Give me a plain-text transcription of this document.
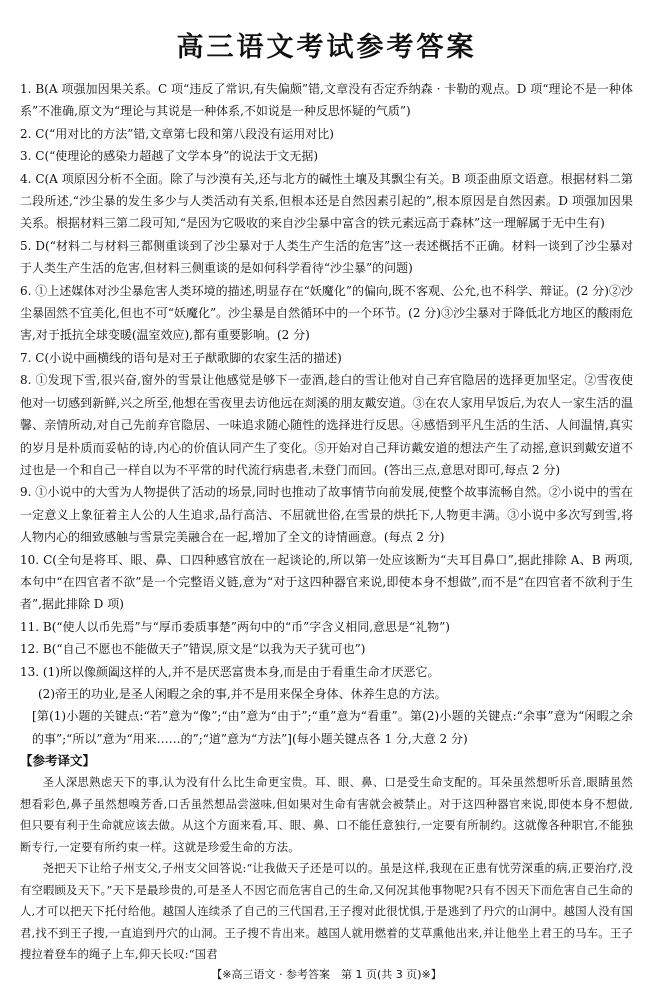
高三语文考试参考答案

1. B(A 项强加因果关系。C 项“违反了常识,有失偏颇”错,文章没有否定乔纳森 · 卡勒的观点。D 项“理论不是一种体系”不准确,原文为“理论与其说是一种体系,不如说是一种反思怀疑的气质”)

2. C(“用对比的方法”错,文章第七段和第八段没有运用对比)

3. C(“使理论的感染力超越了文学本身”的说法于文无据)

4. C(A 项原因分析不全面。除了与沙漠有关,还与北方的碱性土壤及其飘尘有关。B 项歪曲原文语意。根据材料二第二段所述,“沙尘暴的发生多少与人类活动有关系,但根本还是自然因素引起的”,根本原因是自然因素。D 项强加因果关系。根据材料三第二段可知,“是因为它吸收的来自沙尘暴中富含的铁元素远高于森林”这一理解属于无中生有)

5. D(“材料二与材料三都侧重谈到了沙尘暴对于人类生产生活的危害”这一表述概括不正确。材料一谈到了沙尘暴对于人类生产生活的危害,但材料三侧重谈的是如何科学看待“沙尘暴”的问题)

6. ①上述媒体对沙尘暴危害人类环境的描述,明显存在“妖魔化”的偏向,既不客观、公允,也不科学、辩证。(2 分)②沙尘暴固然不宜美化,但也不可“妖魔化”。沙尘暴是自然循环中的一个环节。(2 分)③沙尘暴对于降低北方地区的酸雨危害,对于抵抗全球变暖(温室效应),都有重要影响。(2 分)

7. C(小说中画横线的语句是对王子猷歌脚的农家生活的描述)

8. ①发现下雪,很兴奋,窗外的雪景让他感觉是够下一壶酒,趁白的雪让他对自己弃官隐居的选择更加坚定。②雪夜使他对一切感到新鲜,兴之所至,他想在雪夜里去访他远在剡溪的朋友戴安道。③在农人家用早饭后,为农人一家生活的温馨、亲情所动,对自己先前弃官隐居、一味追求随心随性的选择进行反思。④感悟到平凡生活的生活、人间温情,真实的岁月是朴质而妥帖的诗,内心的价值认同产生了变化。⑤开始对自己拜访戴安道的想法产生了动摇,意识到戴安道不过也是一个和自己一样自以为不平常的时代流行病患者,未登门而回。(答出三点,意思对即可,每点 2 分)

9. ①小说中的大雪为人物提供了活动的场景,同时也推动了故事情节向前发展,使整个故事流畅自然。②小说中的雪在一定意义上象征着主人公的人生追求,品行高洁、不屈就世俗,在雪景的烘托下,人物更丰满。③小说中多次写到雪,将人物内心的细致感触与雪景完美融合在一起,增加了全文的诗情画意。(每点 2 分)

10. C(全句是将耳、眼、鼻、口四种感官放在一起谈论的,所以第一处应该断为“夫耳目鼻口”,据此排除 A、B 两项,本句中“在四官者不欲”是一个完整语义链,意为“对于这四种器官来说,即使本身不想做”,而不是“在四官者不欲利于生者”,据此排除 D 项)

11. B(“使人以币先焉”与“厚币委质事楚”两句中的“币”字含义相同,意思是“礼物”)

12. B(“自己不愿也不能做天子”错误,原文是“以我为天子犹可也”)

13. (1)所以像颜阖这样的人,并不是厌恶富贵本身,而是由于看重生命才厌恶它。

(2)帝王的功业,是圣人闲暇之余的事,并不是用来保全身体、休养生息的方法。

[第(1)小题的关键点:“若”意为“像”;“由”意为“由于”;“重”意为“看重”。第(2)小题的关键点:“余事”意为“闲暇之余的事”;“所以”意为“用来……的”;“道”意为“方法”](每小题关键点各 1 分,大意 2 分)

【参考译文】

圣人深思熟虑天下的事,认为没有什么比生命更宝贵。耳、眼、鼻、口是受生命支配的。耳朵虽然想听乐音,眼睛虽然想看彩色,鼻子虽然想嗅芳香,口舌虽然想品尝滋味,但如果对生命有害就会被禁止。对于这四种器官来说,即使本身不想做,但只要有利于生命就应该去做。从这个方面来看,耳、眼、鼻、口不能任意独行,一定要有所制约。这就像各种职官,不能独断专行,一定要有所约束一样。这就是珍爱生命的方法。

尧把天下让给子州支父,子州支父回答说:“让我做天子还是可以的。虽是这样,我现在正患有忧劳深重的病,正要治疗,没有空暇顾及天下。”天下是最珍贵的,可是圣人不因它而危害自己的生命,又何况其他事物呢?只有不因天下而危害自己生命的人,才可以把天下托付给他。越国人连续杀了自己的三代国君,王子搜对此很忧惧,于是逃到了丹穴的山洞中。越国人没有国君,找不到王子搜,一直追到丹穴的山洞。王子搜不肯出来。越国人就用燃着的艾草熏他出来,并让他坐上君王的马车。王子搜拉着登车的绳子上车,仰天长叹:“国君

【※高三语文 · 参考答案　第 1 页(共 3 页)※】
